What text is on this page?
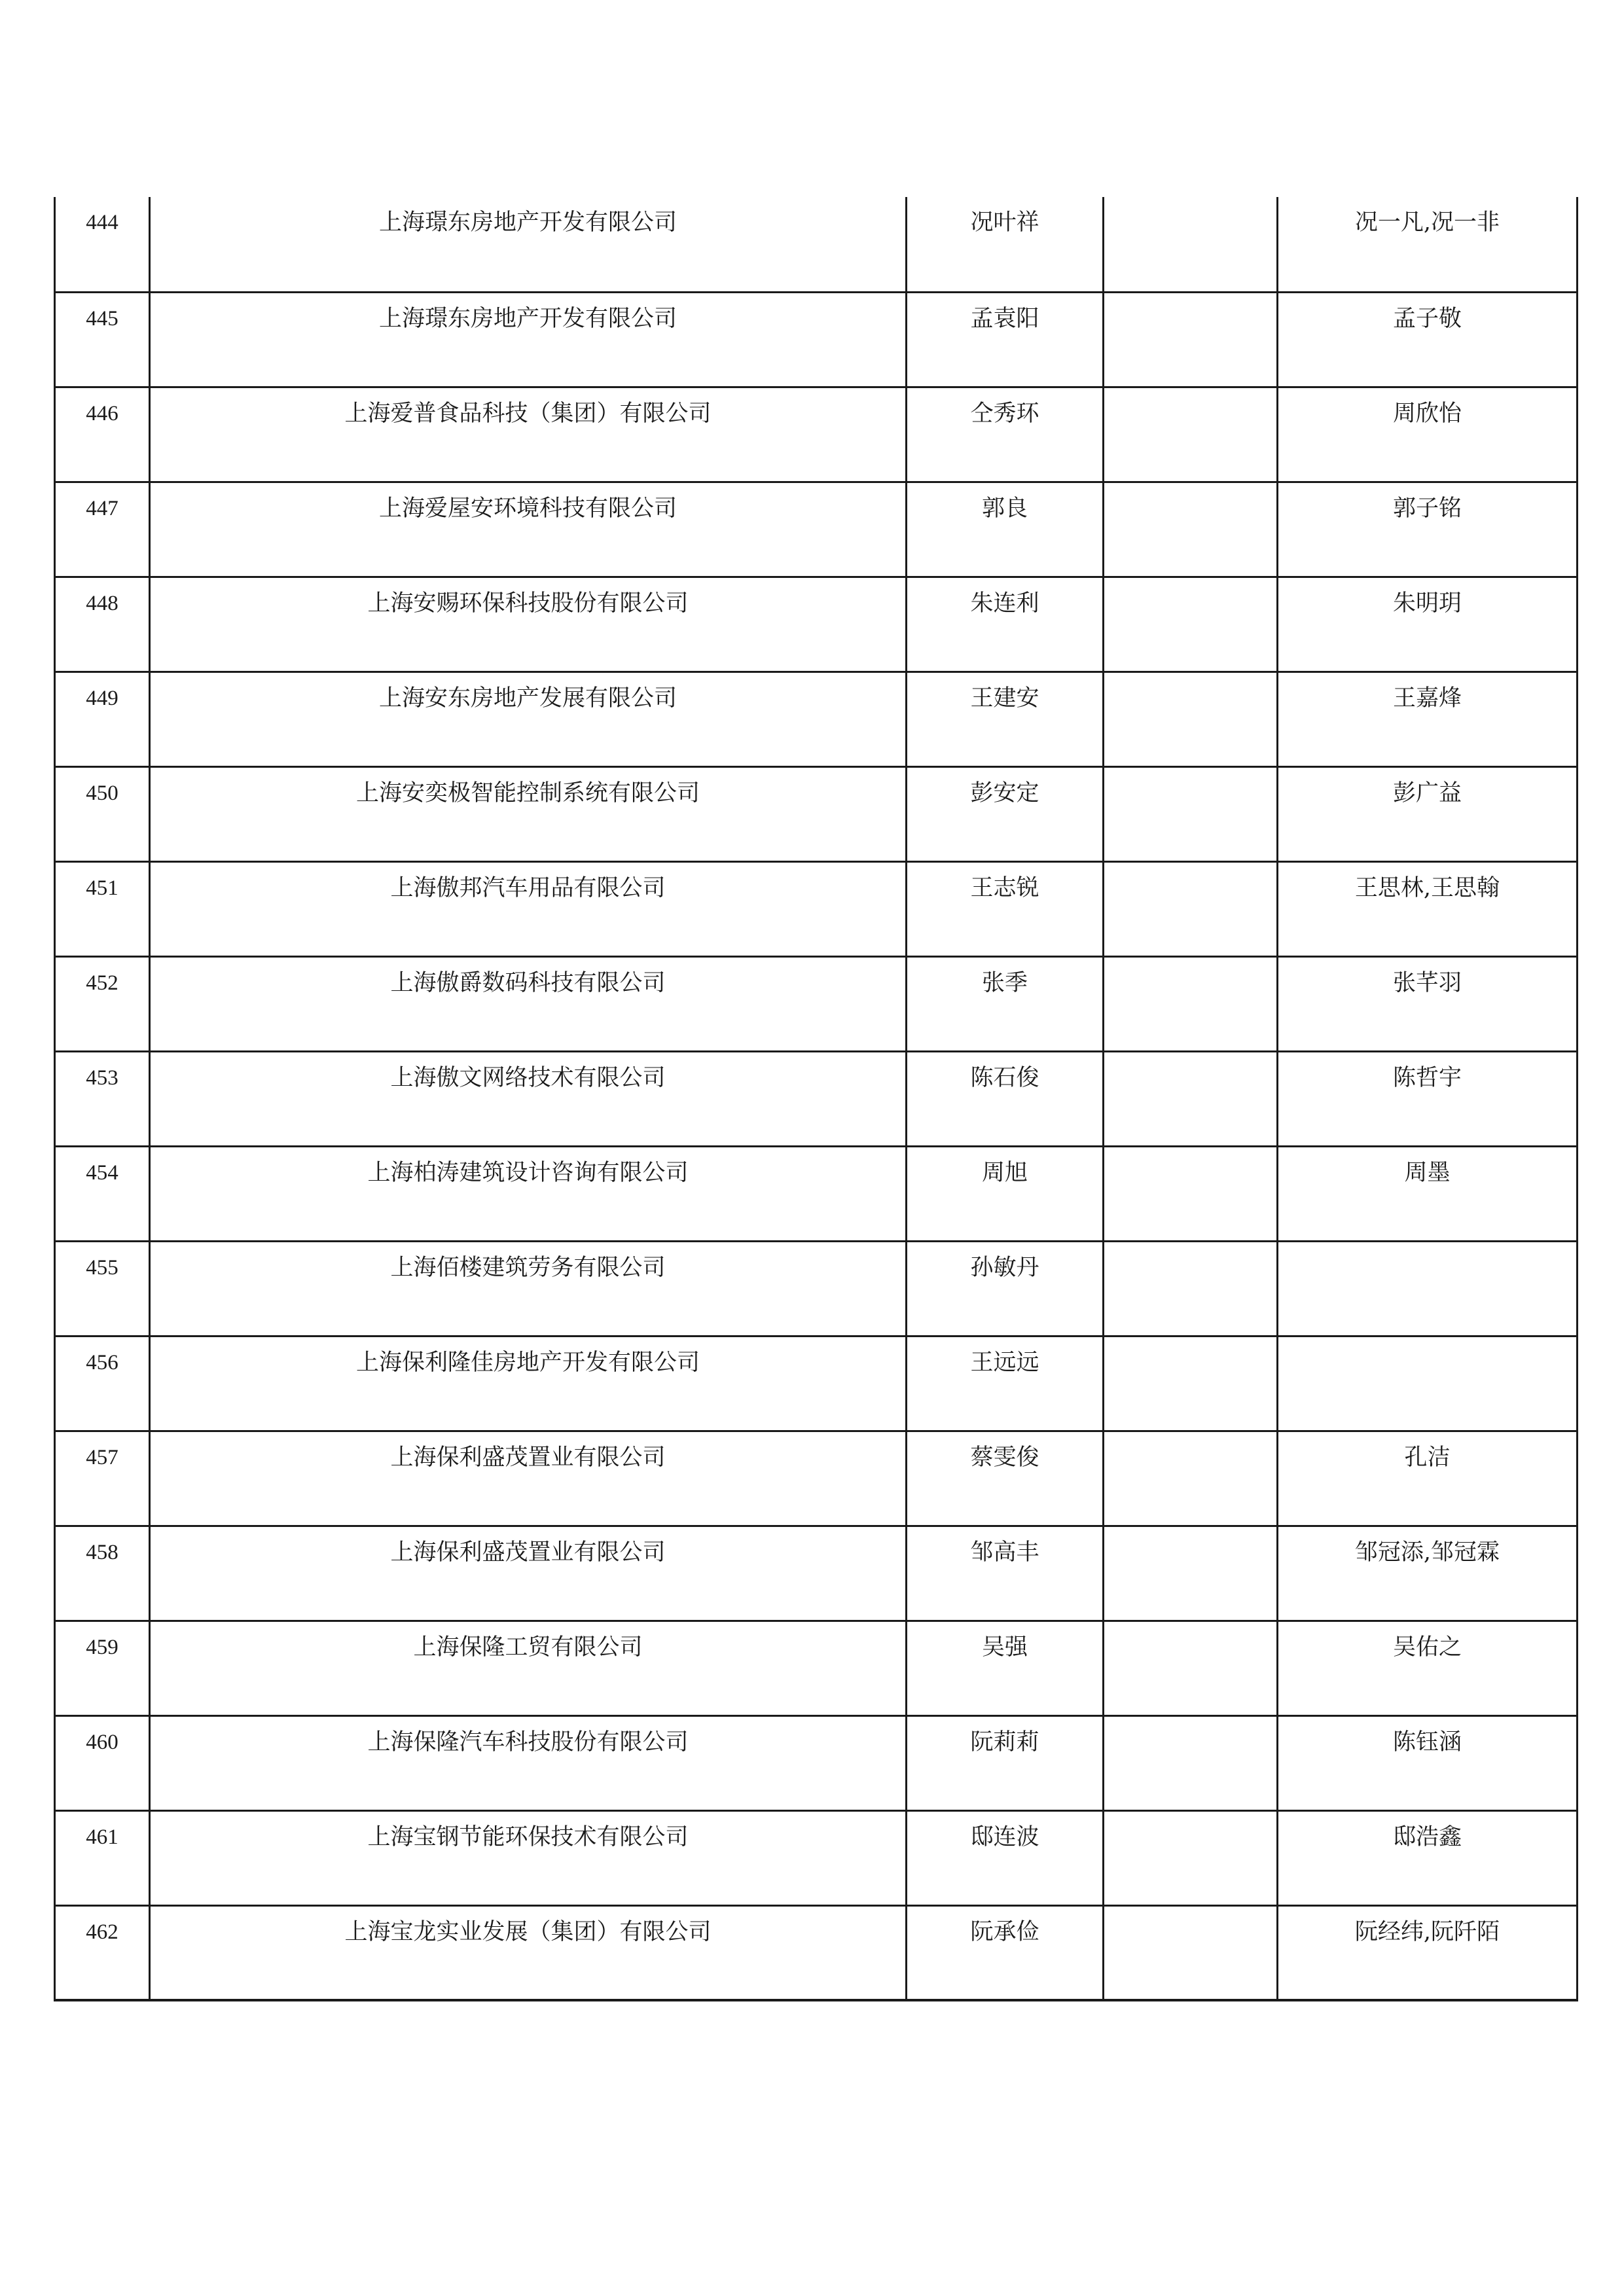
444	上海璟东房地产开发有限公司	况叶祥		况一凡,况一非
445	上海璟东房地产开发有限公司	孟袁阳		孟子敬
446	上海爱普食品科技（集团）有限公司	仝秀环		周欣怡
447	上海爱屋安环境科技有限公司	郭良		郭子铭
448	上海安赐环保科技股份有限公司	朱连利		朱明玥
449	上海安东房地产发展有限公司	王建安		王嘉烽
450	上海安奕极智能控制系统有限公司	彭安定		彭广益
451	上海傲邦汽车用品有限公司	王志锐		王思林,王思翰
452	上海傲爵数码科技有限公司	张季		张芊羽
453	上海傲文网络技术有限公司	陈石俊		陈哲宇
454	上海柏涛建筑设计咨询有限公司	周旭		周墨
455	上海佰楼建筑劳务有限公司	孙敏丹		
456	上海保利隆佳房地产开发有限公司	王远远		
457	上海保利盛茂置业有限公司	蔡雯俊		孔洁
458	上海保利盛茂置业有限公司	邹高丰		邹冠添,邹冠霖
459	上海保隆工贸有限公司	吴强		吴佑之
460	上海保隆汽车科技股份有限公司	阮莉莉		陈钰涵
461	上海宝钢节能环保技术有限公司	邸连波		邸浩鑫
462	上海宝龙实业发展（集团）有限公司	阮承俭		阮经纬,阮阡陌
